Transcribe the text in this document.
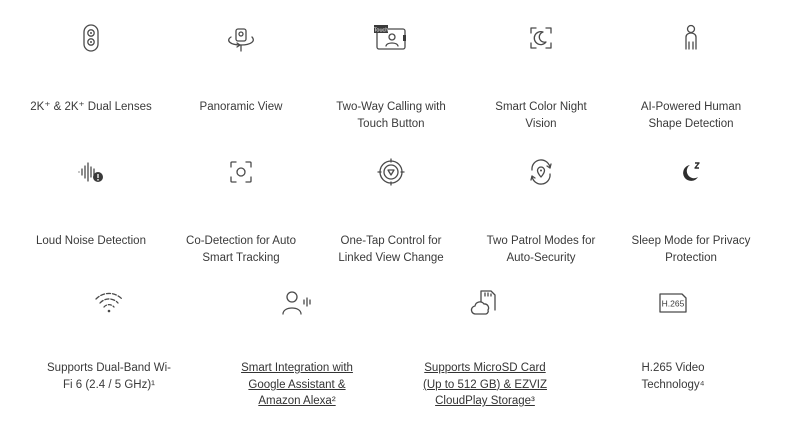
2K⁺ & 2K⁺ Dual Lenses	Panoramic View
Touch
Two-Way Calling with
Touch Button
Smart Color Night
Vision
AI-Powered Human
Shape Detection
Loud Noise Detection	Co-Detection for Auto
Smart Tracking
One-Tap Control for
Linked View Change
Two Patrol Modes for
Auto-Security
Sleep Mode for Privacy
Protection
Supports Dual-Band Wi-
Fi 6 (2.4 / 5 GHz)¹
Smart Integration with
Google Assistant &
Amazon Alexa²
Supports MicroSD Card
(Up to 512 GB) & EZVIZ
CloudPlay Storage³
H.265
H.265 Video
Technology⁴
